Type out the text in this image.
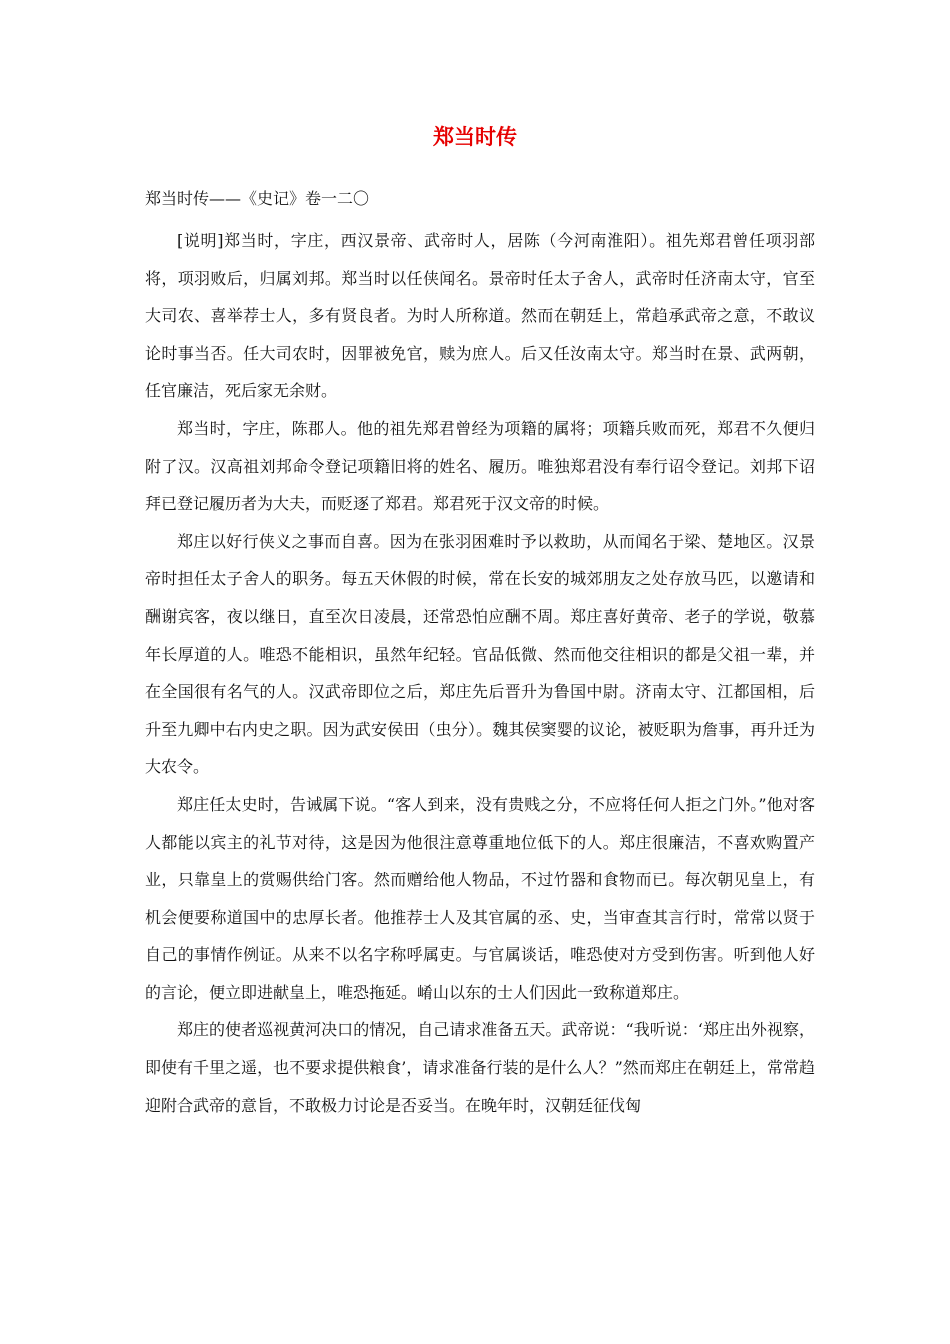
郑当时传

郑当时传——《史记》卷一二〇

[说明]郑当时，字庄，西汉景帝、武帝时人，居陈（今河南淮阳）。祖先郑君曾任项羽部将，项羽败后，归属刘邦。郑当时以任侠闻名。景帝时任太子舍人，武帝时任济南太守，官至大司农、喜举荐士人，多有贤良者。为时人所称道。然而在朝廷上，常趋承武帝之意，不敢议论时事当否。任大司农时，因罪被免官，赎为庶人。后又任汝南太守。郑当时在景、武两朝，任官廉洁，死后家无余财。

郑当时，字庄，陈郡人。他的祖先郑君曾经为项籍的属将；项籍兵败而死，郑君不久便归附了汉。汉高祖刘邦命令登记项籍旧将的姓名、履历。唯独郑君没有奉行诏令登记。刘邦下诏拜已登记履历者为大夫，而贬逐了郑君。郑君死于汉文帝的时候。

郑庄以好行侠义之事而自喜。因为在张羽困难时予以救助，从而闻名于梁、楚地区。汉景帝时担任太子舍人的职务。每五天休假的时候，常在长安的城郊朋友之处存放马匹，以邀请和酬谢宾客，夜以继日，直至次日凌晨，还常恐怕应酬不周。郑庄喜好黄帝、老子的学说，敬慕年长厚道的人。唯恐不能相识，虽然年纪轻。官品低微、然而他交往相识的都是父祖一辈，并在全国很有名气的人。汉武帝即位之后，郑庄先后晋升为鲁国中尉。济南太守、江都国相，后升至九卿中右内史之职。因为武安侯田（虫分）。魏其侯窦婴的议论，被贬职为詹事，再升迁为大农令。

郑庄任太史时，告诫属下说。“客人到来，没有贵贱之分，不应将任何人拒之门外。”他对客人都能以宾主的礼节对待，这是因为他很注意尊重地位低下的人。郑庄很廉洁，不喜欢购置产业，只靠皇上的赏赐供给门客。然而赠给他人物品，不过竹器和食物而已。每次朝见皇上，有机会便要称道国中的忠厚长者。他推荐士人及其官属的丞、史，当审查其言行时，常常以贤于自己的事情作例证。从来不以名字称呼属吏。与官属谈话，唯恐使对方受到伤害。听到他人好的言论，便立即进献皇上，唯恐拖延。崤山以东的士人们因此一致称道郑庄。

郑庄的使者巡视黄河决口的情况，自己请求准备五天。武帝说：“我听说：‘郑庄出外视察，即使有千里之遥，也不要求提供粮食’，请求准备行装的是什么人？”然而郑庄在朝廷上，常常趋迎附合武帝的意旨，不敢极力讨论是否妥当。在晚年时，汉朝廷征伐匈
